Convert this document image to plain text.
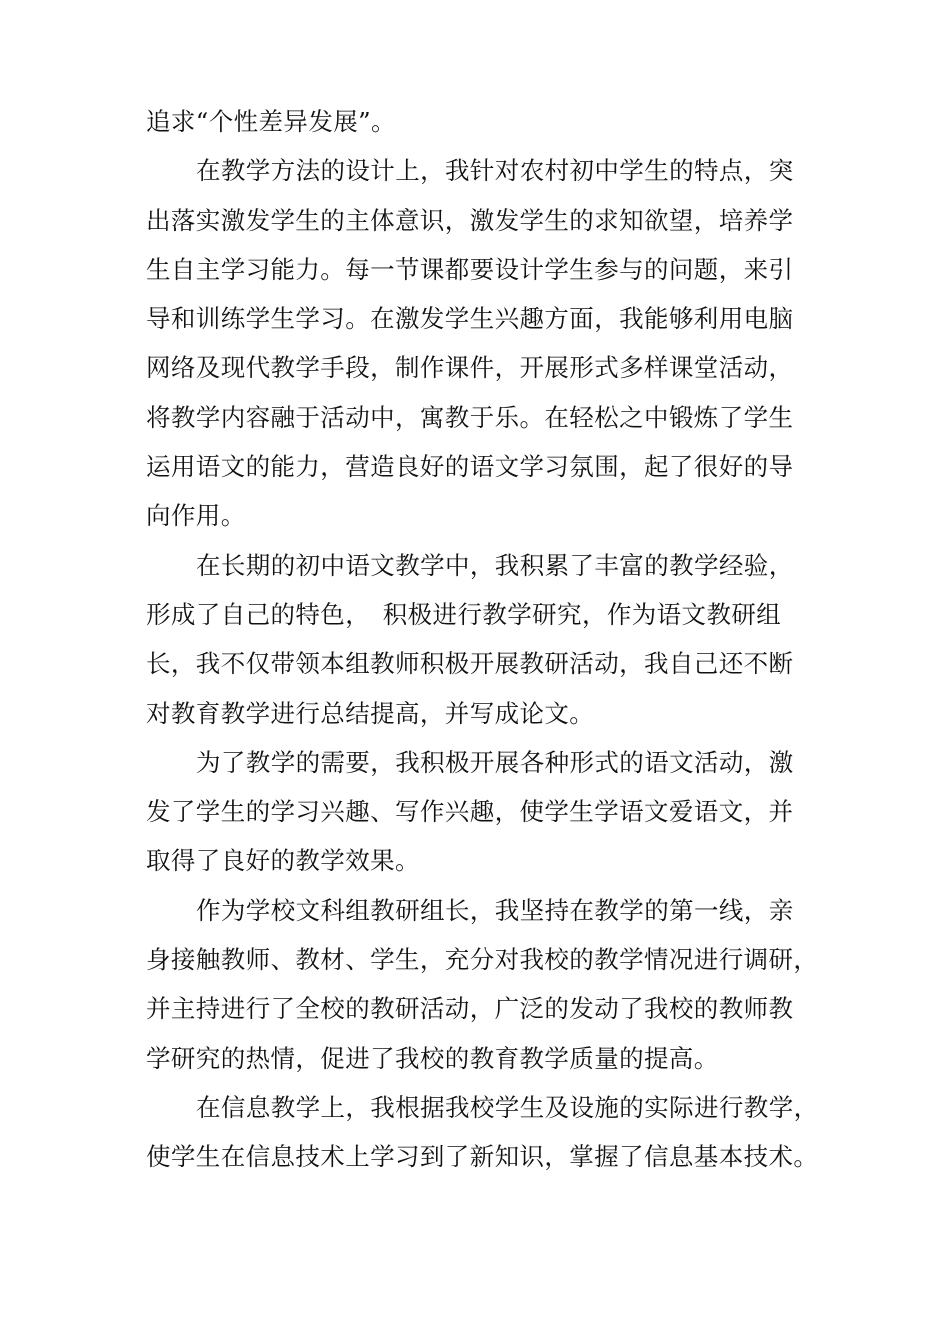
追求“个性差异发展”。
在教学方法的设计上，我针对农村初中学生的特点，突
出落实激发学生的主体意识，激发学生的求知欲望，培养学
生自主学习能力。每一节课都要设计学生参与的问题，来引
导和训练学生学习。在激发学生兴趣方面，我能够利用电脑
网络及现代教学手段，制作课件，开展形式多样课堂活动，
将教学内容融于活动中，寓教于乐。在轻松之中锻炼了学生
运用语文的能力，营造良好的语文学习氛围，起了很好的导
向作用。
在长期的初中语文教学中，我积累了丰富的教学经验，
形成了自己的特色，　积极进行教学研究，作为语文教研组
长，我不仅带领本组教师积极开展教研活动，我自己还不断
对教育教学进行总结提高，并写成论文。
为了教学的需要，我积极开展各种形式的语文活动，激
发了学生的学习兴趣、写作兴趣，使学生学语文爱语文，并
取得了良好的教学效果。
作为学校文科组教研组长，我坚持在教学的第一线，亲
身接触教师、教材、学生，充分对我校的教学情况进行调研，
并主持进行了全校的教研活动，广泛的发动了我校的教师教
学研究的热情，促进了我校的教育教学质量的提高。
在信息教学上，我根据我校学生及设施的实际进行教学，
使学生在信息技术上学习到了新知识，掌握了信息基本技术。
